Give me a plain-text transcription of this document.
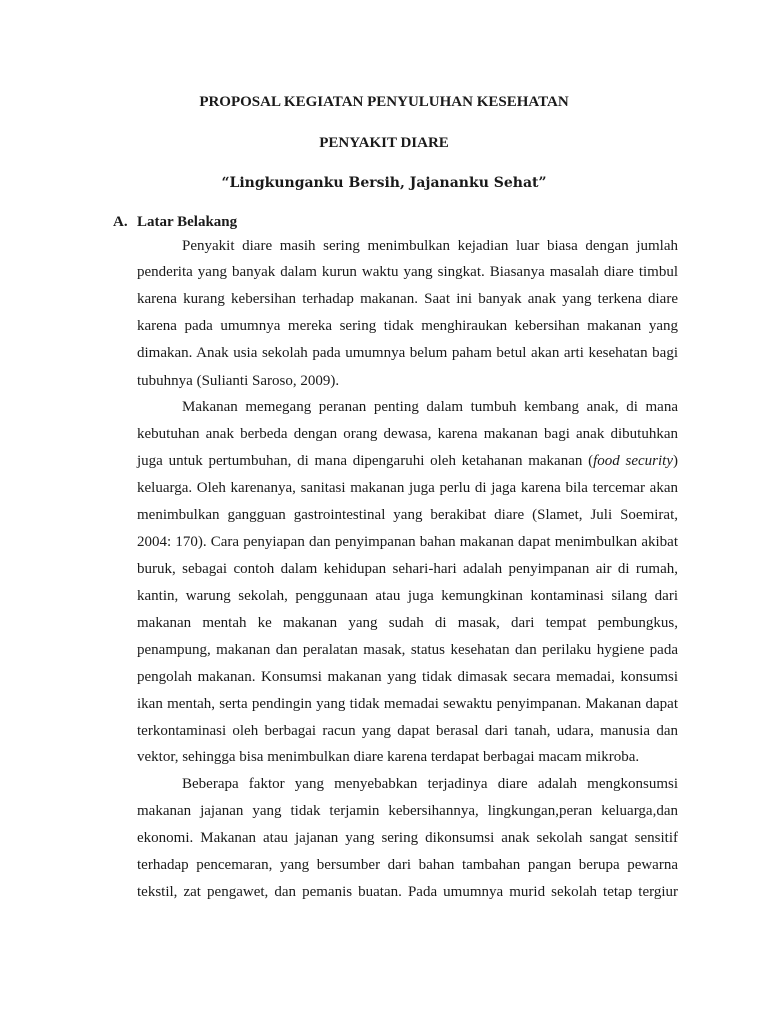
PROPOSAL KEGIATAN PENYULUHAN KESEHATAN
PENYAKIT DIARE
“Lingkunganku Bersih, Jajananku Sehat”
A. Latar Belakang
Penyakit diare masih sering menimbulkan kejadian luar biasa dengan jumlah
penderita yang banyak dalam kurun waktu yang singkat. Biasanya masalah diare timbul
karena kurang kebersihan terhadap makanan. Saat ini banyak anak yang terkena diare
karena pada umumnya mereka sering tidak menghiraukan kebersihan makanan yang
dimakan. Anak usia sekolah pada umumnya belum paham betul akan arti kesehatan bagi
tubuhnya (Sulianti Saroso, 2009).
Makanan memegang peranan penting dalam tumbuh kembang anak, di mana
kebutuhan anak berbeda dengan orang dewasa, karena makanan bagi anak dibutuhkan
juga untuk pertumbuhan, di mana dipengaruhi oleh ketahanan makanan (food security)
keluarga. Oleh karenanya, sanitasi makanan juga perlu di jaga karena bila tercemar akan
menimbulkan gangguan gastrointestinal yang berakibat diare (Slamet, Juli Soemirat,
2004: 170). Cara penyiapan dan penyimpanan bahan makanan dapat menimbulkan akibat
buruk, sebagai contoh dalam kehidupan sehari-hari adalah penyimpanan air di rumah,
kantin, warung sekolah, penggunaan atau juga kemungkinan kontaminasi silang dari
makanan mentah ke makanan yang sudah di masak, dari tempat pembungkus,
penampung, makanan dan peralatan masak, status kesehatan dan perilaku hygiene pada
pengolah makanan. Konsumsi makanan yang tidak dimasak secara memadai, konsumsi
ikan mentah, serta pendingin yang tidak memadai sewaktu penyimpanan. Makanan dapat
terkontaminasi oleh berbagai racun yang dapat berasal dari tanah, udara, manusia dan
vektor, sehingga bisa menimbulkan diare karena terdapat berbagai macam mikroba.
Beberapa faktor yang menyebabkan terjadinya diare adalah mengkonsumsi
makanan jajanan yang tidak terjamin kebersihannya, lingkungan,peran keluarga,dan
ekonomi. Makanan atau jajanan yang sering dikonsumsi anak sekolah sangat sensitif
terhadap pencemaran, yang bersumber dari bahan tambahan pangan berupa pewarna
tekstil, zat pengawet, dan pemanis buatan. Pada umumnya murid sekolah tetap tergiur
